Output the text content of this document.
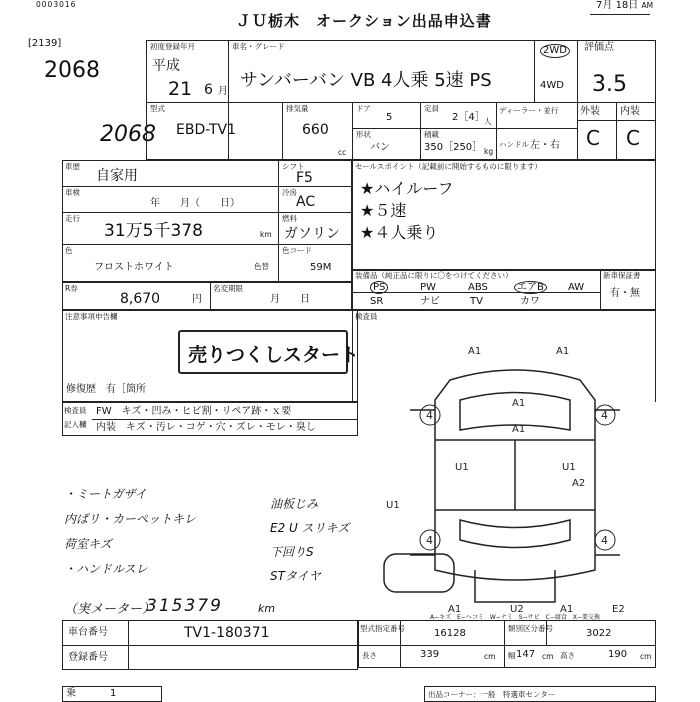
0003016
ＪＵ栃木　オークション出品申込書
7月 18日 AM
[2139]
2068
2068
初度登録年月
平成
21 6 月
車名・グレード
サンバーバン VB 4人乗 5速 PS
2WD
4WD
評価点
3.5
型式
EBD-TV1
排気量
660
cc
ドア
5
定員
2［4］ 人
ディーラー・並行
形状
バン
積載
350［250］ kg
ハンドル 左・右
外装 内装
C C
車歴
自家用
シフト
F5
車検
年　　月（　　日）
冷房
AC
走行
31万5千378	km
燃料
ガソリン
色
フロストホワイト	色替
色コード
59M
セールスポイント（記載前に開始するものに限ります）
★ハイルーフ
★５速
★４人乗り
装備品（純正品に限りに〇をつけてください）
PS	PW	ABS	エアB	AW
SR	ナビ	TV	カワ
新車保証書
有・無
R券
8,670	円
名変期限
月　　日
注意事項申告欄
売りつくしスタート
修復歴　有［箇所
検査員
検査員
記入欄
FW　キズ・凹み・ヒビ割・リペア跡・ｘ要
内装　キズ・汚レ・コゲ・穴・ズレ・モレ・臭し
・ミートガザイ
内ぱリ・カーペットキレ
荷室キズ
・ハンドルスレ
油板じみ
E2 U スリキズ
下回りS
STタイヤ
（実メーター）
315379	km
車台番号	TV1-180371
登録番号
型式指定番号	16128	類別区分番号	3022
長さ	339	cm 幅 147 cm 高さ	190 cm
4	4
4	4
A1	A1
A1
A1
U1	U1
A2
U1
A1	U2	A1	E2
A−キズ　E−ヘコミ　W−ナミ　S−サビ　C−腐食　X−要交換
乗	1	出品コーナー：一般　特選車センター
